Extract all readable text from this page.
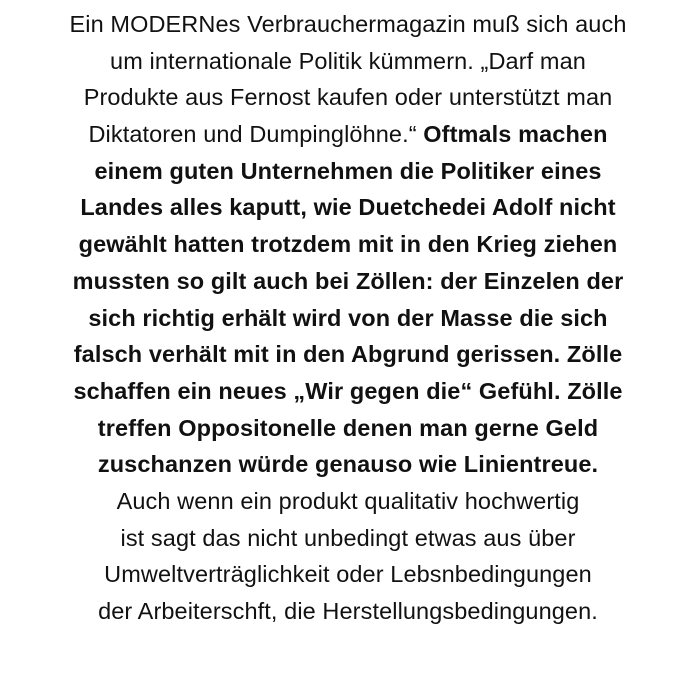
Ein MODERNes Verbrauchermagazin muß sich auch
um internationale Politik kümmern. „Darf man
Produkte aus Fernost kaufen oder unterstützt man
Diktatoren und Dumpinglöhne.“ Oftmals machen
einem guten Unternehmen die Politiker eines
Landes alles kaputt, wie Duetchedei Adolf nicht
gewählt hatten trotzdem mit in den Krieg ziehen
mussten so gilt auch bei Zöllen: der Einzelen der
sich richtig erhält wird von der Masse die sich
falsch verhält mit in den Abgrund gerissen. Zölle
schaffen ein neues „Wir gegen die“ Gefühl. Zölle
treffen Oppositonelle denen man gerne Geld
zuschanzen würde genauso wie Linientreue.
Auch wenn ein produkt qualitativ hochwertig
ist sagt das nicht unbedingt etwas aus über
Umweltverträglichkeit oder Lebsnbedingungen
der Arbeiterschft, die Herstellungsbedingungen.
